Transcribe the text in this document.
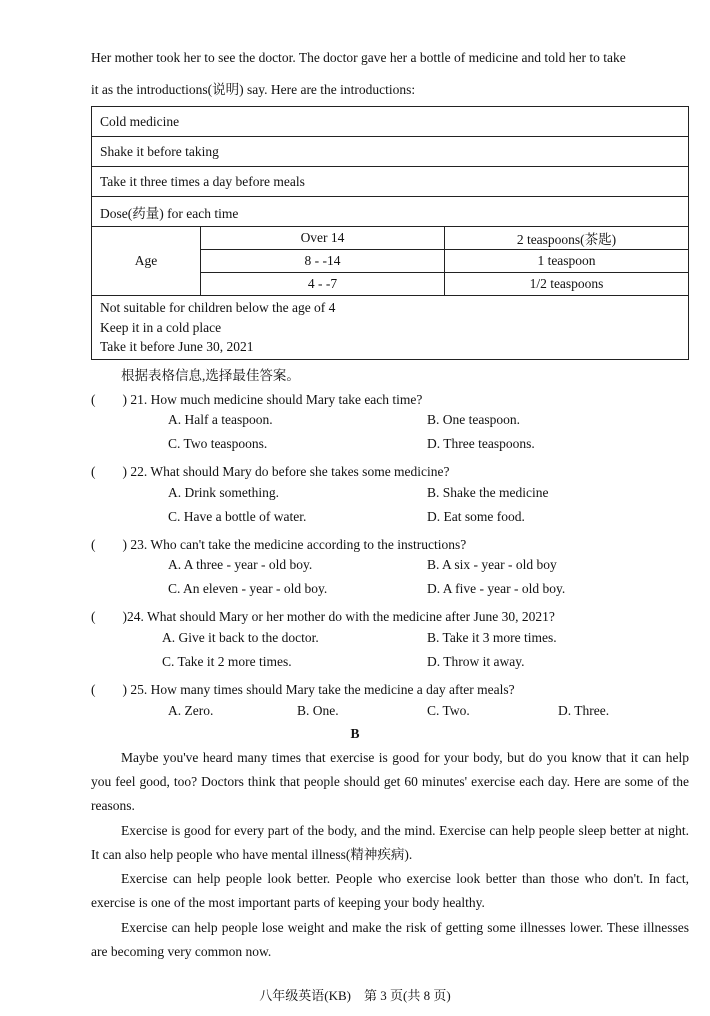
Her mother took her to see the doctor. The doctor gave her a bottle of medicine and told her to take
it as the introductions(说明) say. Here are the introductions:
Cold medicine
Shake it before taking
Take it three times a day before meals
Dose(药量) for each time
Age	
Over 14	2 teaspoons(茶匙)
8 - -14	1 teaspoon
4 - -7	1/2 teaspoons

Not suitable for children below the age of 4
Keep it in a cold place
Take it before June 30, 2021
根据表格信息,选择最佳答案。
(　　) 21. How much medicine should Mary take each time?
A. Half a teaspoon.	B. One teaspoon.
C. Two teaspoons.	D. Three teaspoons.
(　　) 22. What should Mary do before she takes some medicine?
A. Drink something.	B. Shake the medicine
C. Have a bottle of water.	D. Eat some food.
(　　) 23. Who can't take the medicine according to the instructions?
A. A three - year - old boy.	B. A six - year - old boy
C. An eleven - year - old boy.	D. A five - year - old boy.
(　　)24. What should Mary or her mother do with the medicine after June 30, 2021?
A. Give it back to the doctor.	B. Take it 3 more times.
C. Take it 2 more times.	D. Throw it away.
(　　) 25. How many times should Mary take the medicine a day after meals?
A. Zero.	B. One.	C. Two.	D. Three.
B
Maybe you've heard many times that exercise is good for your body, but do you know that it can help you feel good, too? Doctors think that people should get 60 minutes' exercise each day. Here are some of the reasons.
Exercise is good for every part of the body, and the mind. Exercise can help people sleep better at night. It can also help people who have mental illness(精神疾病).
Exercise can help people look better. People who exercise look better than those who don't. In fact, exercise is one of the most important parts of keeping your body healthy.
Exercise can help people lose weight and make the risk of getting some illnesses lower. These illnesses are becoming very common now.
八年级英语(KB)　第 3 页(共 8 页)
